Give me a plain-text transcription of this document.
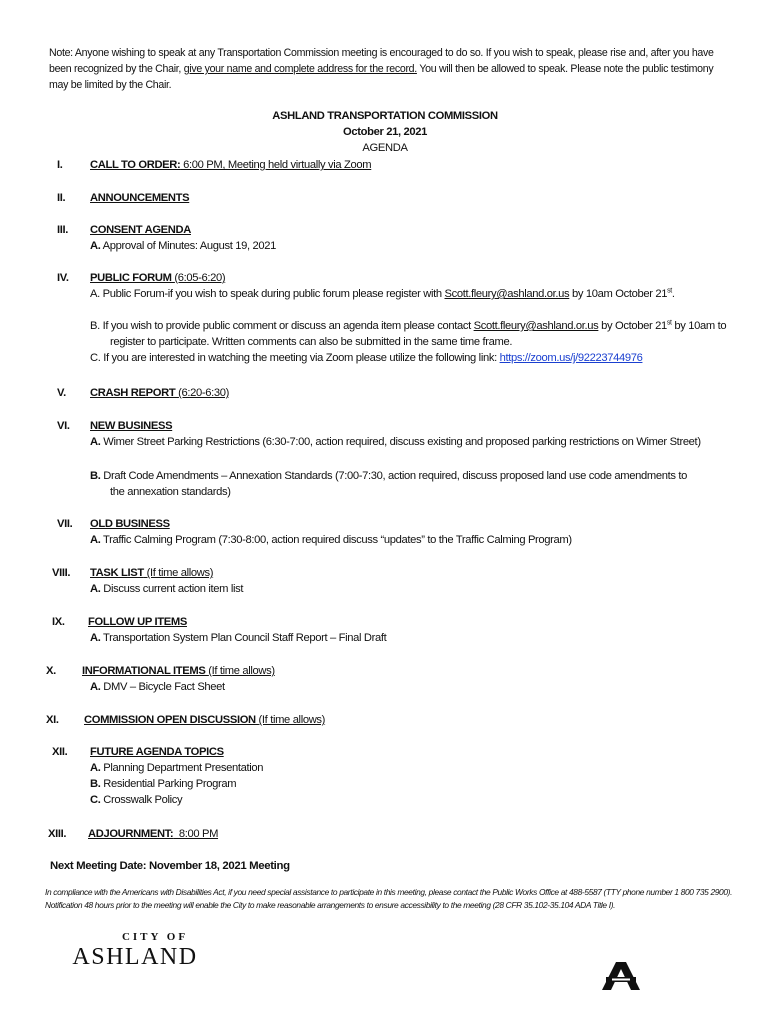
Note: Anyone wishing to speak at any Transportation Commission meeting is encouraged to do so. If you wish to speak, please rise and, after you have been recognized by the Chair, give your name and complete address for the record. You will then be allowed to speak. Please note the public testimony may be limited by the Chair.
ASHLAND TRANSPORTATION COMMISSION
October 21, 2021
AGENDA
I. CALL TO ORDER: 6:00 PM, Meeting held virtually via Zoom
II. ANNOUNCEMENTS
III. CONSENT AGENDA
A. Approval of Minutes: August 19, 2021
IV. PUBLIC FORUM (6:05-6:20)
A. Public Forum-if you wish to speak during public forum please register with Scott.fleury@ashland.or.us by 10am October 21st.
B. If you wish to provide public comment or discuss an agenda item please contact Scott.fleury@ashland.or.us by October 21st by 10am to register to participate. Written comments can also be submitted in the same time frame.
C. If you are interested in watching the meeting via Zoom please utilize the following link: https://zoom.us/j/92223744976
V. CRASH REPORT (6:20-6:30)
VI. NEW BUSINESS
A. Wimer Street Parking Restrictions (6:30-7:00, action required, discuss existing and proposed parking restrictions on Wimer Street)
B. Draft Code Amendments – Annexation Standards (7:00-7:30, action required, discuss proposed land use code amendments to the annexation standards)
VII. OLD BUSINESS
A. Traffic Calming Program (7:30-8:00, action required discuss “updates” to the Traffic Calming Program)
VIII. TASK LIST (If time allows)
A. Discuss current action item list
IX. FOLLOW UP ITEMS
A. Transportation System Plan Council Staff Report – Final Draft
X. INFORMATIONAL ITEMS (If time allows)
A. DMV – Bicycle Fact Sheet
XI. COMMISSION OPEN DISCUSSION (If time allows)
XII. FUTURE AGENDA TOPICS
A. Planning Department Presentation
B. Residential Parking Program
C. Crosswalk Policy
XIII. ADJOURNMENT:  8:00 PM
Next Meeting Date: November 18, 2021 Meeting
In compliance with the Americans with Disabilities Act, if you need special assistance to participate in this meeting, please contact the Public Works Office at 488-5587 (TTY phone number 1 800 735 2900). Notification 48 hours prior to the meeting will enable the City to make reasonable arrangements to ensure accessibility to the meeting (28 CFR 35.102-35.104 ADA Title I).
CITY OF
ASHLAND
